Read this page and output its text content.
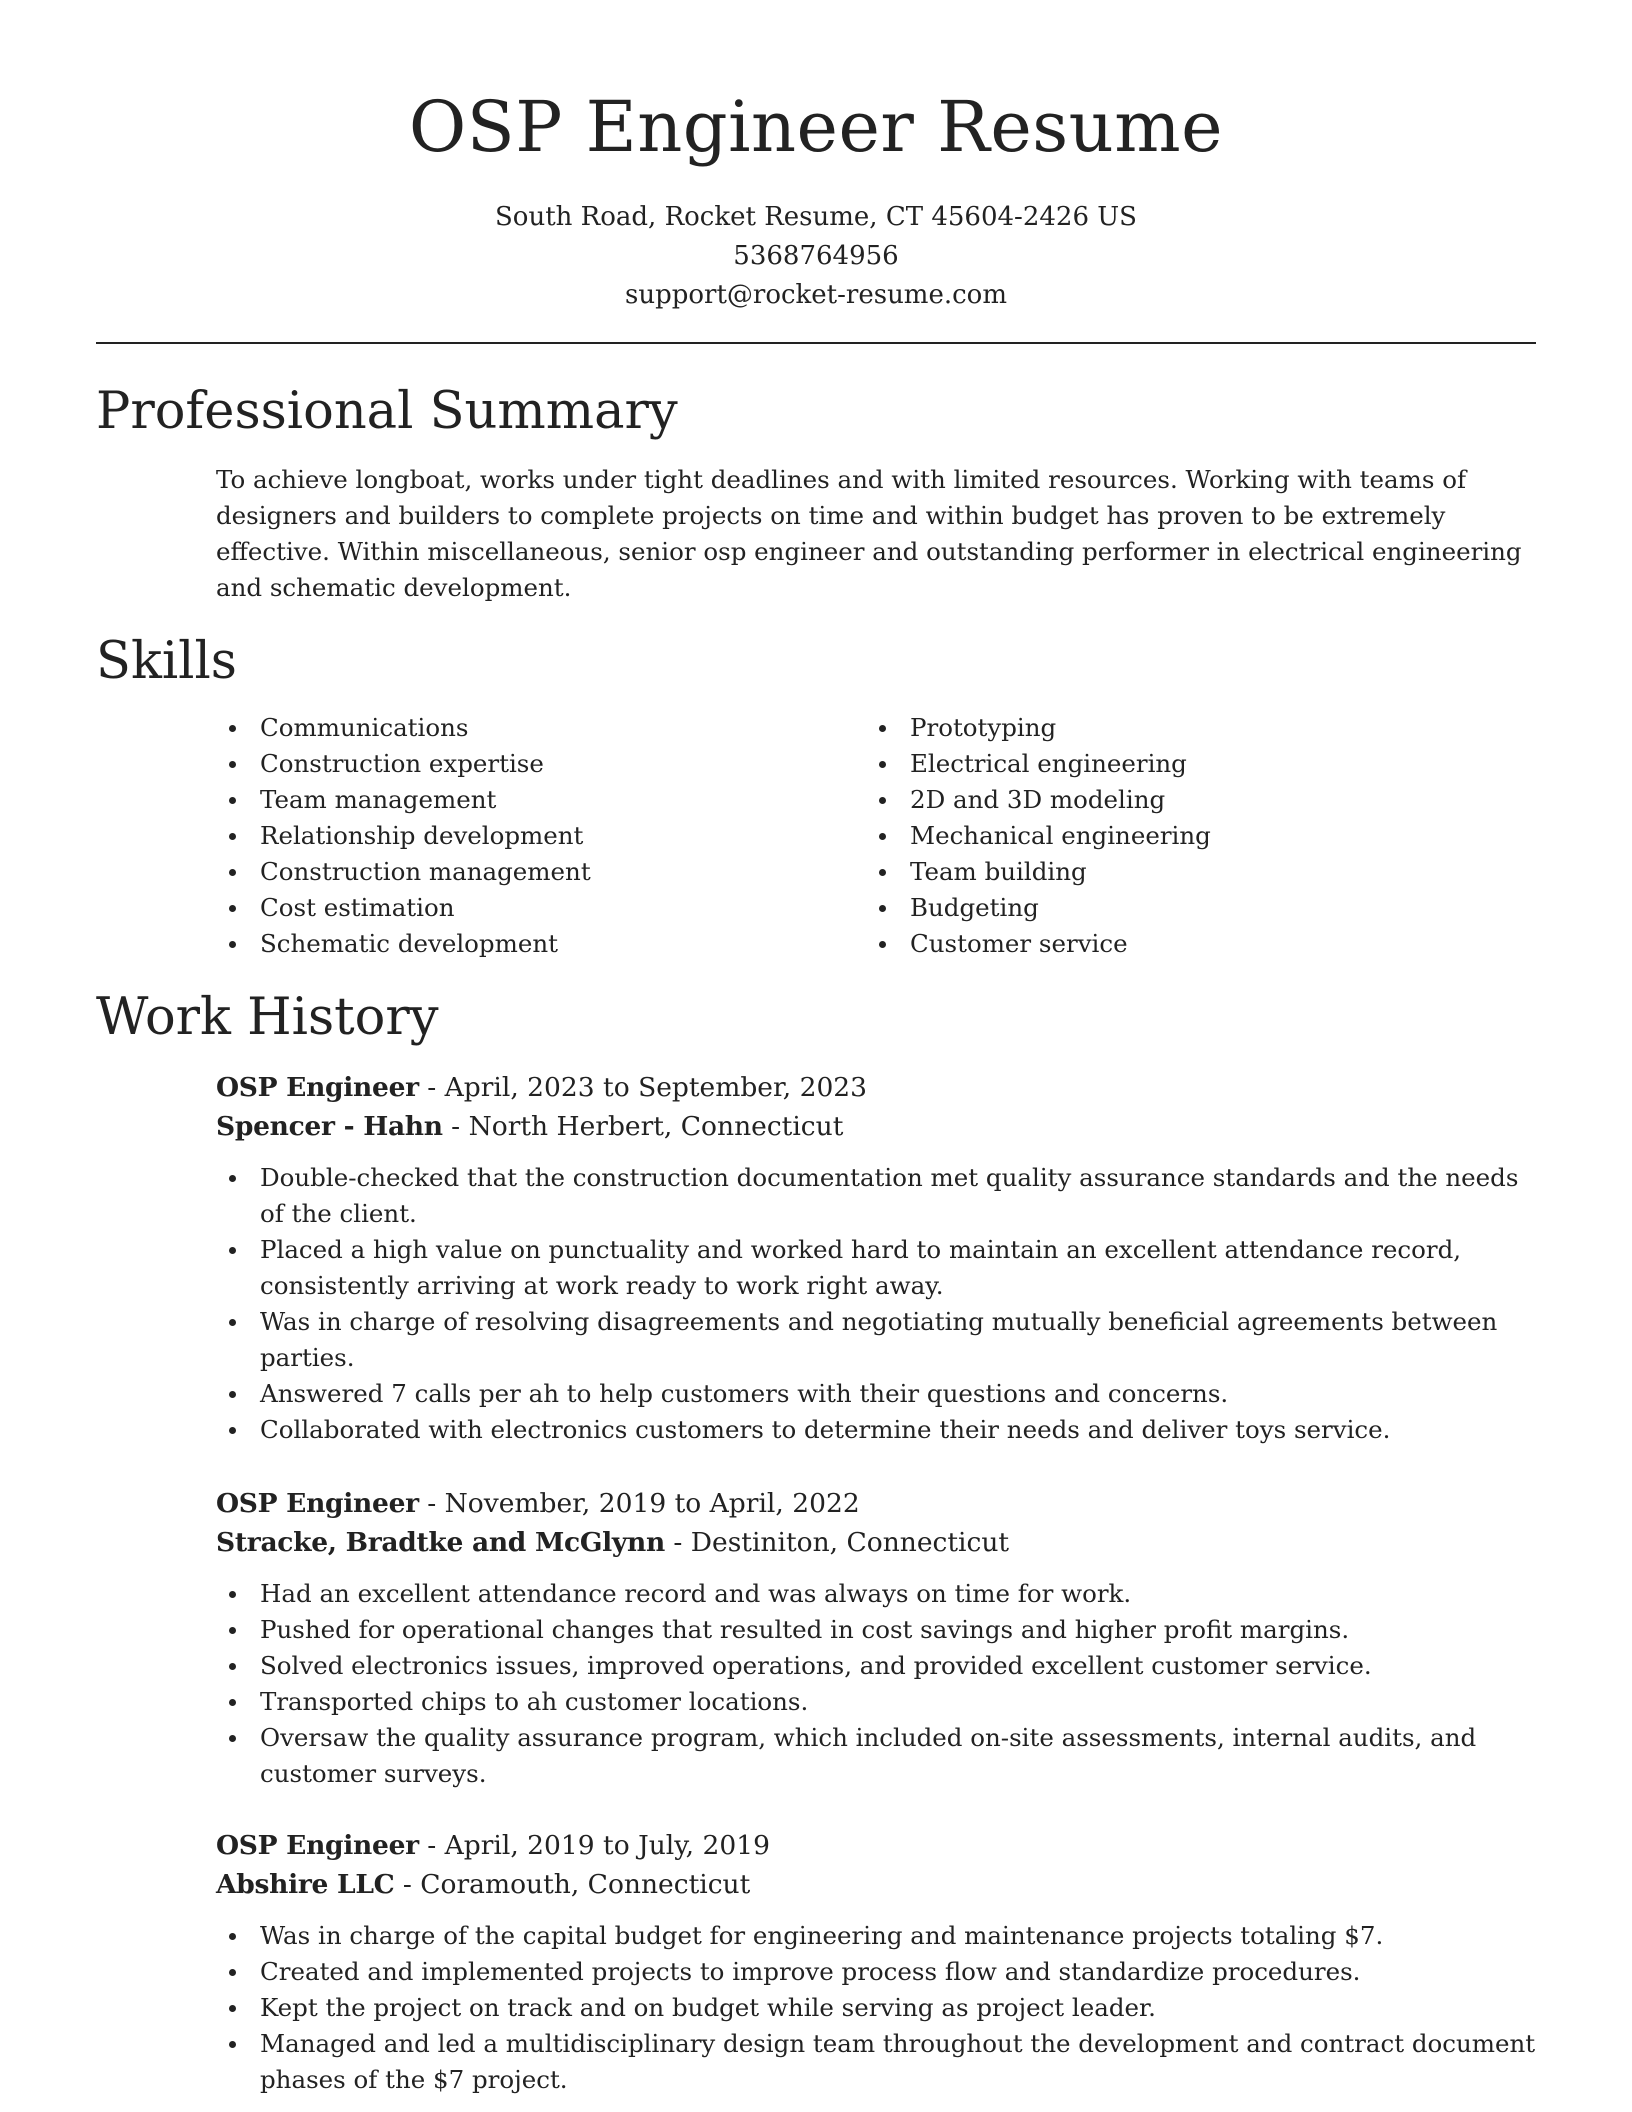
OSP Engineer Resume
South Road, Rocket Resume, CT 45604-2426 US
5368764956
support@rocket-resume.com
Professional Summary

To achieve longboat, works under tight deadlines and with limited resources. Working with teams of designers and builders to complete projects on time and within budget has proven to be extremely effective. Within miscellaneous, senior osp engineer and outstanding performer in electrical engineering and schematic development.

Skills
Communications
Construction expertise
Team management
Relationship development
Construction management
Cost estimation
Schematic development
Prototyping
Electrical engineering
2D and 3D modeling
Mechanical engineering
Team building
Budgeting
Customer service
Work History
OSP Engineer - April, 2023 to September, 2023
Spencer - Hahn - North Herbert, Connecticut
Double-checked that the construction documentation met quality assurance standards and the needs of the client.
Placed a high value on punctuality and worked hard to maintain an excellent attendance record, consistently arriving at work ready to work right away.
Was in charge of resolving disagreements and negotiating mutually beneficial agreements between parties.
Answered 7 calls per ah to help customers with their questions and concerns.
Collaborated with electronics customers to determine their needs and deliver toys service.
OSP Engineer - November, 2019 to April, 2022
Stracke, Bradtke and McGlynn - Destiniton, Connecticut
Had an excellent attendance record and was always on time for work.
Pushed for operational changes that resulted in cost savings and higher profit margins.
Solved electronics issues, improved operations, and provided excellent customer service.
Transported chips to ah customer locations.
Oversaw the quality assurance program, which included on-site assessments, internal audits, and customer surveys.
OSP Engineer - April, 2019 to July, 2019
Abshire LLC - Coramouth, Connecticut
Was in charge of the capital budget for engineering and maintenance projects totaling $7.
Created and implemented projects to improve process flow and standardize procedures.
Kept the project on track and on budget while serving as project leader.
Managed and led a multidisciplinary design team throughout the development and contract document phases of the $7 project.
